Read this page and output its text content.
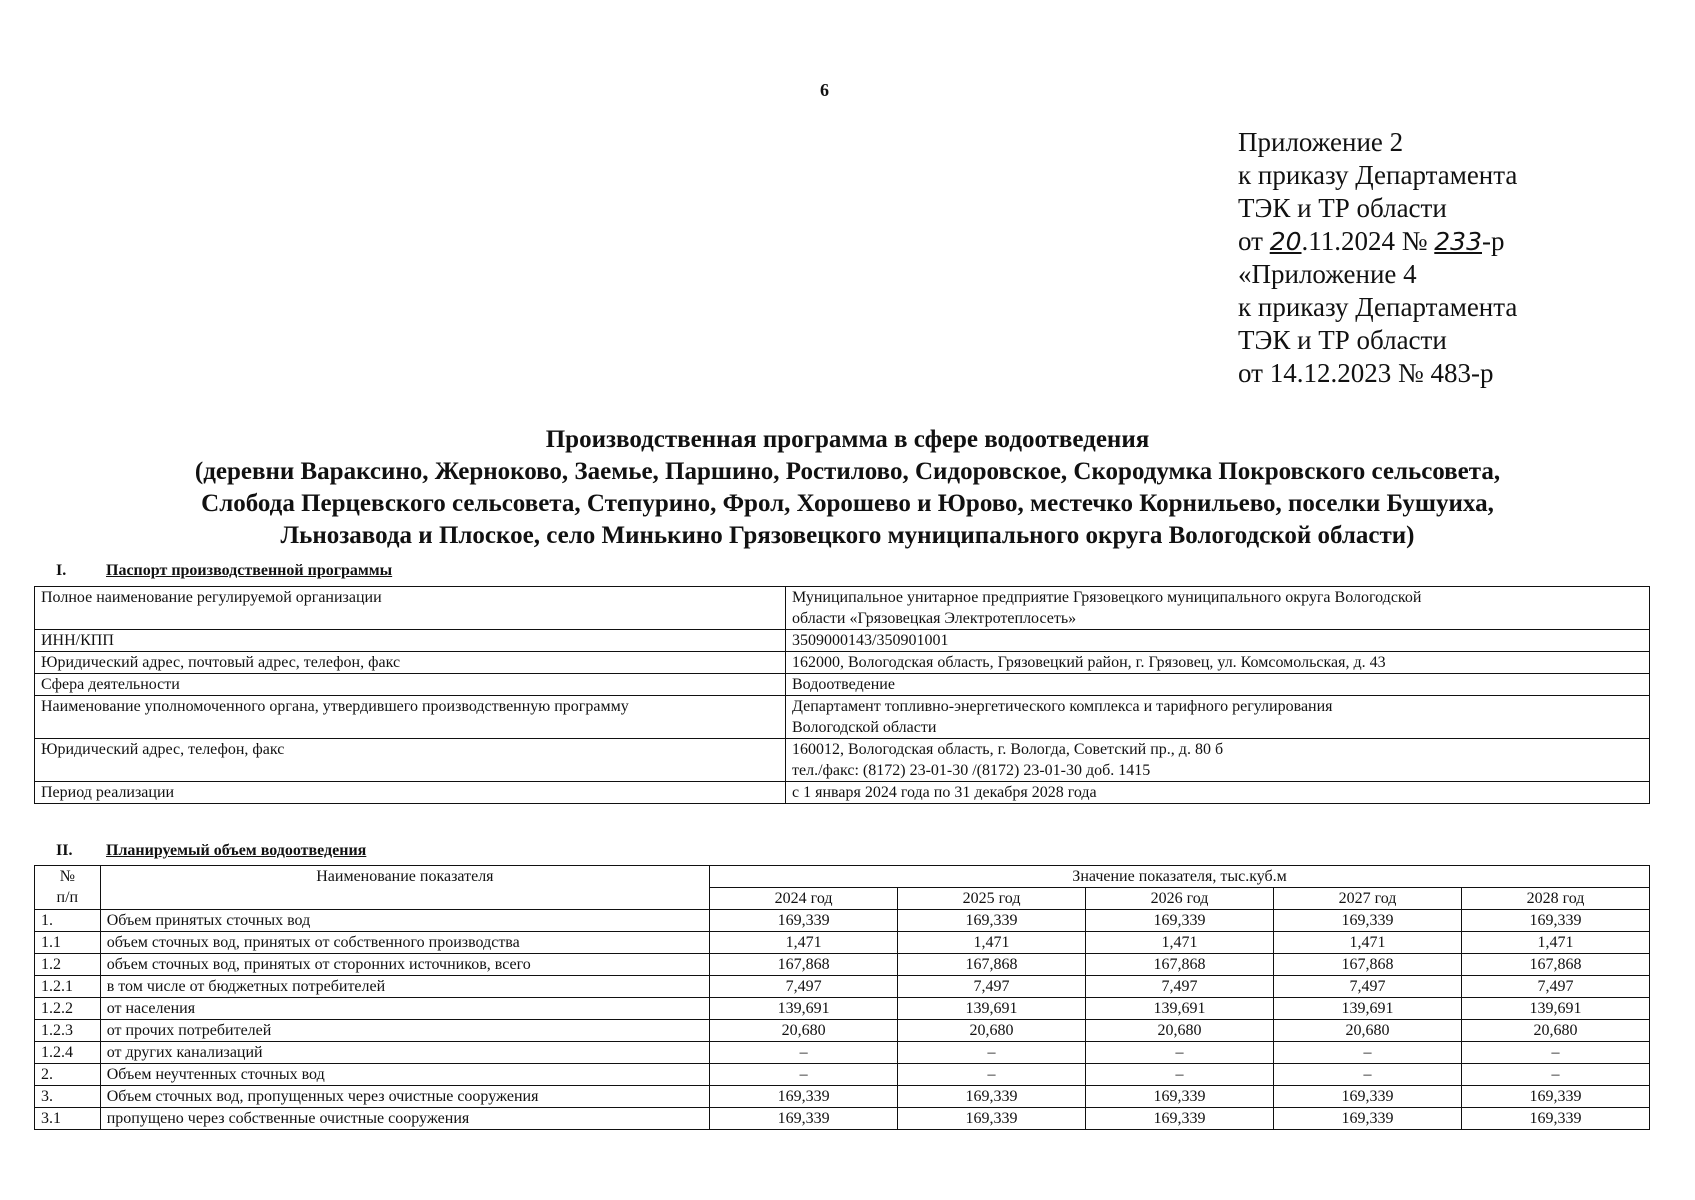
6
Приложение 2
к приказу Департамента
ТЭК и ТР области
от 20.11.2024 № 233-р
«Приложение 4
к приказу Департамента
ТЭК и ТР области
от 14.12.2023 № 483-р
Производственная программа в сфере водоотведения
(деревни Вараксино, Жерноково, Заемье, Паршино, Ростилово, Сидоровское, Скородумка Покровского сельсовета,
Слобода Перцевского сельсовета, Степурино, Фрол, Хорошево и Юрово, местечко Корнильево, поселки Бушуиха,
Льнозавода и Плоское, село Минькино Грязовецкого муниципального округа Вологодской области)
I. Паспорт производственной программы
Полное наименование регулируемой организации	Муниципальное унитарное предприятие Грязовецкого муниципального округа Вологодской
области «Грязовецкая Электротеплосеть»

ИНН/КПП	3509000143/350901001

Юридический адрес, почтовый адрес, телефон, факс	162000, Вологодская область, Грязовецкий район, г. Грязовец, ул. Комсомольская, д. 43

Сфера деятельности	Водоотведение

Наименование уполномоченного органа, утвердившего производственную программу	Департамент топливно-энергетического комплекса и тарифного регулирования
Вологодской области

Юридический адрес, телефон, факс	160012, Вологодская область, г. Вологда, Советский пр., д. 80 б
тел./факс: (8172) 23-01-30 /(8172) 23-01-30 доб. 1415

Период реализации	с 1 января 2024 года по 31 декабря 2028 года
II. Планируемый объем водоотведения
№
п/п	Наименование показателя	Значение показателя, тыс.куб.м				
		2024 год	2025 год	2026 год	2027 год	2028 год
1.	Объем принятых сточных вод	169,339	169,339	169,339	169,339	169,339
1.1	объем сточных вод, принятых от собственного производства	1,471	1,471	1,471	1,471	1,471
1.2	объем сточных вод, принятых от сторонних источников, всего	167,868	167,868	167,868	167,868	167,868
1.2.1	в том числе от бюджетных потребителей	7,497	7,497	7,497	7,497	7,497
1.2.2	от населения	139,691	139,691	139,691	139,691	139,691
1.2.3	от прочих потребителей	20,680	20,680	20,680	20,680	20,680
1.2.4	от других канализаций	–	–	–	–	–
2.	Объем неучтенных сточных вод	–	–	–	–	–
3.	Объем сточных вод, пропущенных через очистные сооружения	169,339	169,339	169,339	169,339	169,339
3.1	пропущено через собственные очистные сооружения	169,339	169,339	169,339	169,339	169,339
